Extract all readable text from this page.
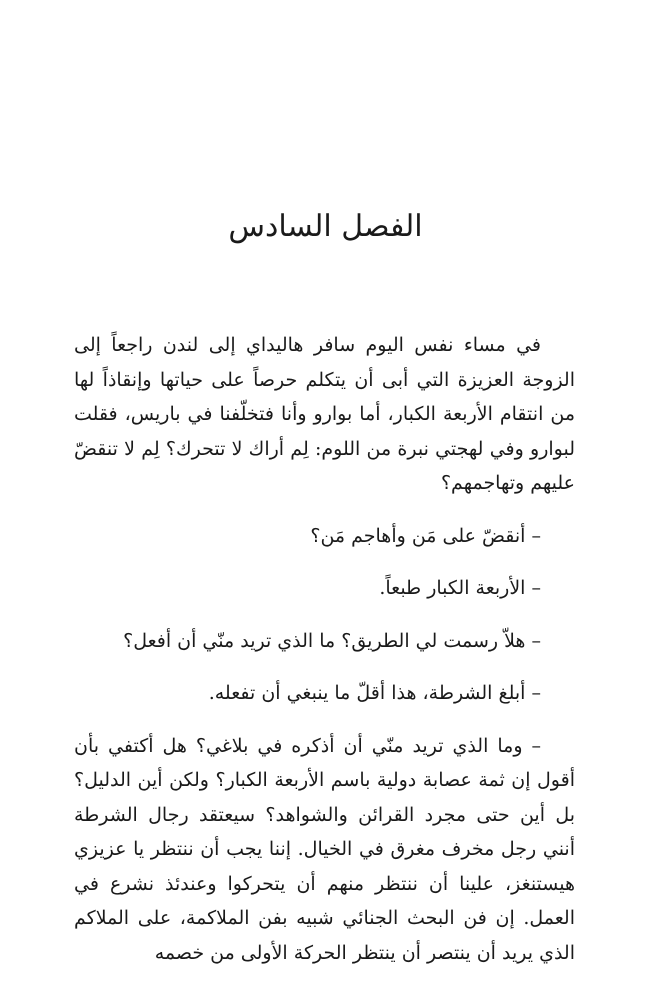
الفصل السادس

في مساء نفس اليوم سافر هاليداي إلى لندن راجعاً إلى الزوجة العزيزة التي أبى أن يتكلم حرصاً على حياتها وإنقاذاً لها من انتقام الأربعة الكبار، أما بوارو وأنا فتخلّفنا في باريس، فقلت لبوارو وفي لهجتي نبرة من اللوم: لِم أراك لا تتحرك؟ لِم لا تنقضّ عليهم وتهاجمهم؟

– أنقضّ على مَن وأهاجم مَن؟

– الأربعة الكبار طبعاً.

– هلاّ رسمت لي الطريق؟ ما الذي تريد منّي أن أفعل؟

– أبلغ الشرطة، هذا أقلّ ما ينبغي أن تفعله.

– وما الذي تريد منّي أن أذكره في بلاغي؟ هل أكتفي بأن أقول إن ثمة عصابة دولية باسم الأربعة الكبار؟ ولكن أين الدليل؟ بل أين حتى مجرد القرائن والشواهد؟ سيعتقد رجال الشرطة أنني رجل مخرف مغرق في الخيال. إننا يجب أن ننتظر يا عزيزي هيستنغز، علينا أن ننتظر منهم أن يتحركوا وعندئذ نشرع في العمل. إن فن البحث الجنائي شبيه بفن الملاكمة، على الملاكم الذي يريد أن ينتصر أن ينتظر الحركة الأولى من خصمه
